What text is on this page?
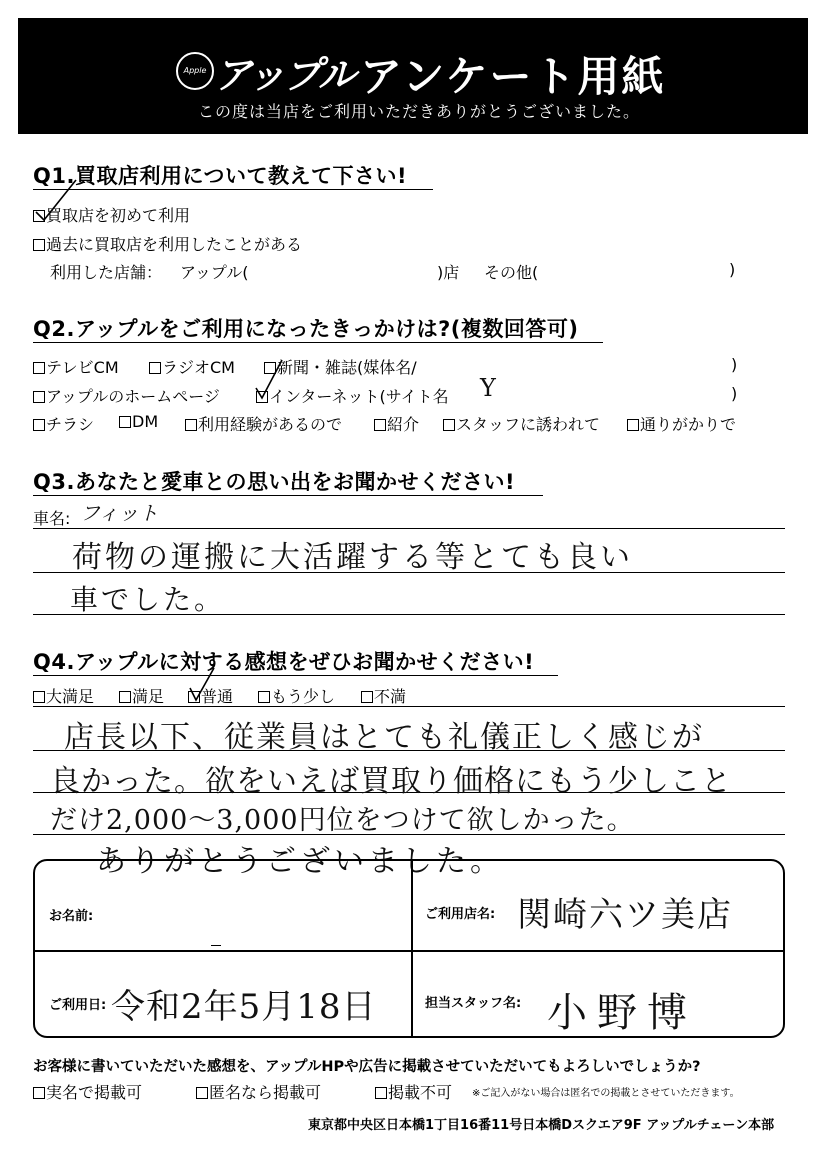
Apple アップル アンケート用紙
この度は当店をご利用いただきありがとうございました。
Q1.買取店利用について教えて下さい!
買取店を初めて利用
過去に買取店を利用したことがある
利用した店舗： アップル(	)店 その他(	)
Q2.アップルをご利用になったきっかけは?(複数回答可)
テレビCM	ラジオCM	新聞・雑誌(媒体名/	)
アップルのホームページ	インターネット(サイト名 Y	)
チラシ	DM	利用経験があるので	紹介	スタッフに誘われて	通りがかりで
Q3.あなたと愛車との思い出をお聞かせください!
車名: フィット
荷物の運搬に大活躍する等とても良い
車でした。
Q4.アップルに対する感想をぜひお聞かせください!
大満足	満足	普通	もう少し	不満
店長以下、従業員はとても礼儀正しく感じが
良かった。欲をいえば買取り価格にもう少しこと
だけ2,000〜3,000円位をつけて欲しかった。
ありがとうございました。
お名前:	ご利用店名: 関崎六ツ美店
ご利用日: 令和2年5月18日	担当スタッフ名: 小野博
お客様に書いていただいた感想を、アップルHPや広告に掲載させていただいてもよろしいでしょうか?
実名で掲載可	匿名なら掲載可	掲載不可 ※ご記入がない場合は匿名での掲載とさせていただきます。
東京都中央区日本橋1丁目16番11号日本橋Dスクエア9F アップルチェーン本部
